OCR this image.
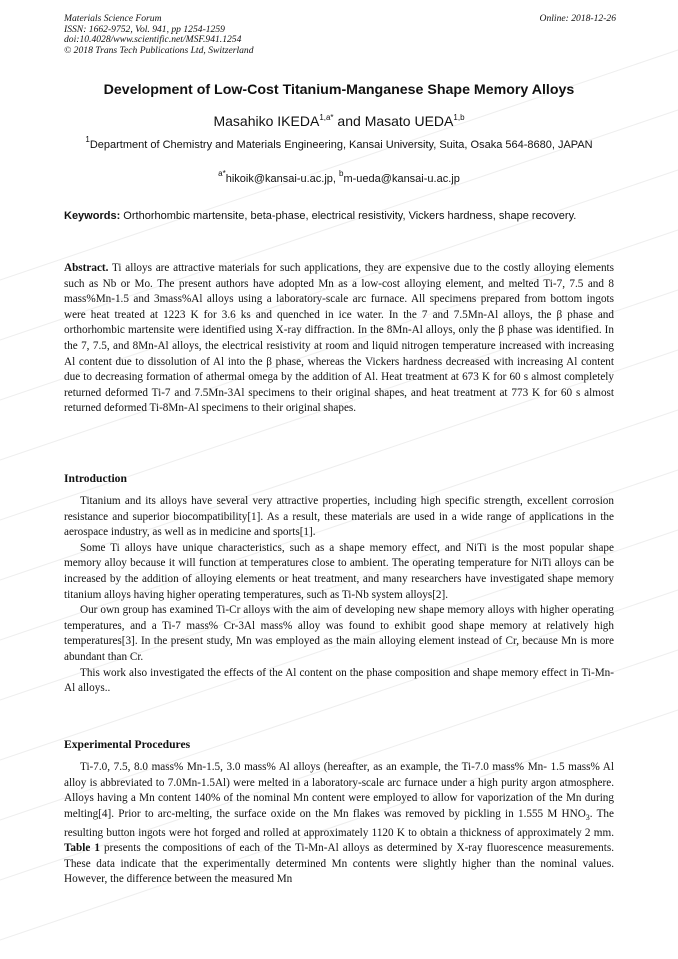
Materials Science Forum
ISSN: 1662-9752, Vol. 941, pp 1254-1259
doi:10.4028/www.scientific.net/MSF.941.1254
© 2018 Trans Tech Publications Ltd, Switzerland
Online: 2018-12-26
Development of Low-Cost Titanium-Manganese Shape Memory Alloys
Masahiko $IKEDA^{1,a*}$ and Masato UEDA$^{1,b}$
$^1$Department of Chemistry and Materials Engineering, Kansai University, Suita, Osaka 564-8680, JAPAN
$^{a*}$hikoik@kansai-u.ac.jp, $^b$m-ueda@kansai-u.ac.jp
Keywords: Orthorhombic martensite, beta-phase, electrical resistivity, Vickers hardness, shape recovery.

Abstract. Ti alloys are attractive materials for such applications, they are expensive due to the costly alloying elements such as Nb or Mo. The present authors have adopted Mn as a low-cost alloying element, and melted Ti-7, 7.5 and 8 mass%Mn-1.5 and 3mass%Al alloys using a laboratory-scale arc furnace. All specimens prepared from bottom ingots were heat treated at 1223 K for 3.6 ks and quenched in ice water. In the 7 and 7.5Mn-Al alloys, the β phase and orthorhombic martensite were identified using X-ray diffraction. In the 8Mn-Al alloys, only the β phase was identified. In the 7, 7.5, and 8Mn-Al alloys, the electrical resistivity at room and liquid nitrogen temperature increased with increasing Al content due to dissolution of Al into the β phase, whereas the Vickers hardness decreased with increasing Al content due to decreasing formation of athermal omega by the addition of Al. Heat treatment at 673 K for 60 s almost completely returned deformed Ti-7 and 7.5Mn-3Al specimens to their original shapes, and heat treatment at 773 K for 60 s almost returned deformed Ti-8Mn-Al specimens to their original shapes.

Introduction

Titanium and its alloys have several very attractive properties, including high specific strength, excellent corrosion resistance and superior biocompatibility[1]. As a result, these materials are used in a wide range of applications in the aerospace industry, as well as in medicine and sports[1].

Some Ti alloys have unique characteristics, such as a shape memory effect, and NiTi is the most popular shape memory alloy because it will function at temperatures close to ambient. The operating temperature for NiTi alloys can be increased by the addition of alloying elements or heat treatment, and many researchers have investigated shape memory titanium alloys having higher operating temperatures, such as Ti-Nb system alloys[2].

Our own group has examined Ti-Cr alloys with the aim of developing new shape memory alloys with higher operating temperatures, and a Ti-7 mass% Cr-3Al mass% alloy was found to exhibit good shape memory at relatively high temperatures[3]. In the present study, Mn was employed as the main alloying element instead of Cr, because Mn is more abundant than Cr.

This work also investigated the effects of the Al content on the phase composition and shape memory effect in Ti-Mn-Al alloys..

Experimental Procedures

Ti-7.0, 7.5, 8.0 mass% Mn-1.5, 3.0 mass% Al alloys (hereafter, as an example, the Ti-7.0 mass% Mn- 1.5 mass% Al alloy is abbreviated to 7.0Mn-1.5Al) were melted in a laboratory-scale arc furnace under a high purity argon atmosphere. Alloys having a Mn content 140% of the nominal Mn content were employed to allow for vaporization of the Mn during melting[4]. Prior to arc-melting, the surface oxide on the Mn flakes was removed by pickling in 1.555 M $HNO_3$. The resulting button ingots were hot forged and rolled at approximately 1120 K to obtain a thickness of approximately 2 mm. Table 1 presents the compositions of each of the Ti-Mn-Al alloys as determined by X-ray fluorescence measurements. These data indicate that the experimentally determined Mn contents were slightly higher than the nominal values. However, the difference between the measured Mn
